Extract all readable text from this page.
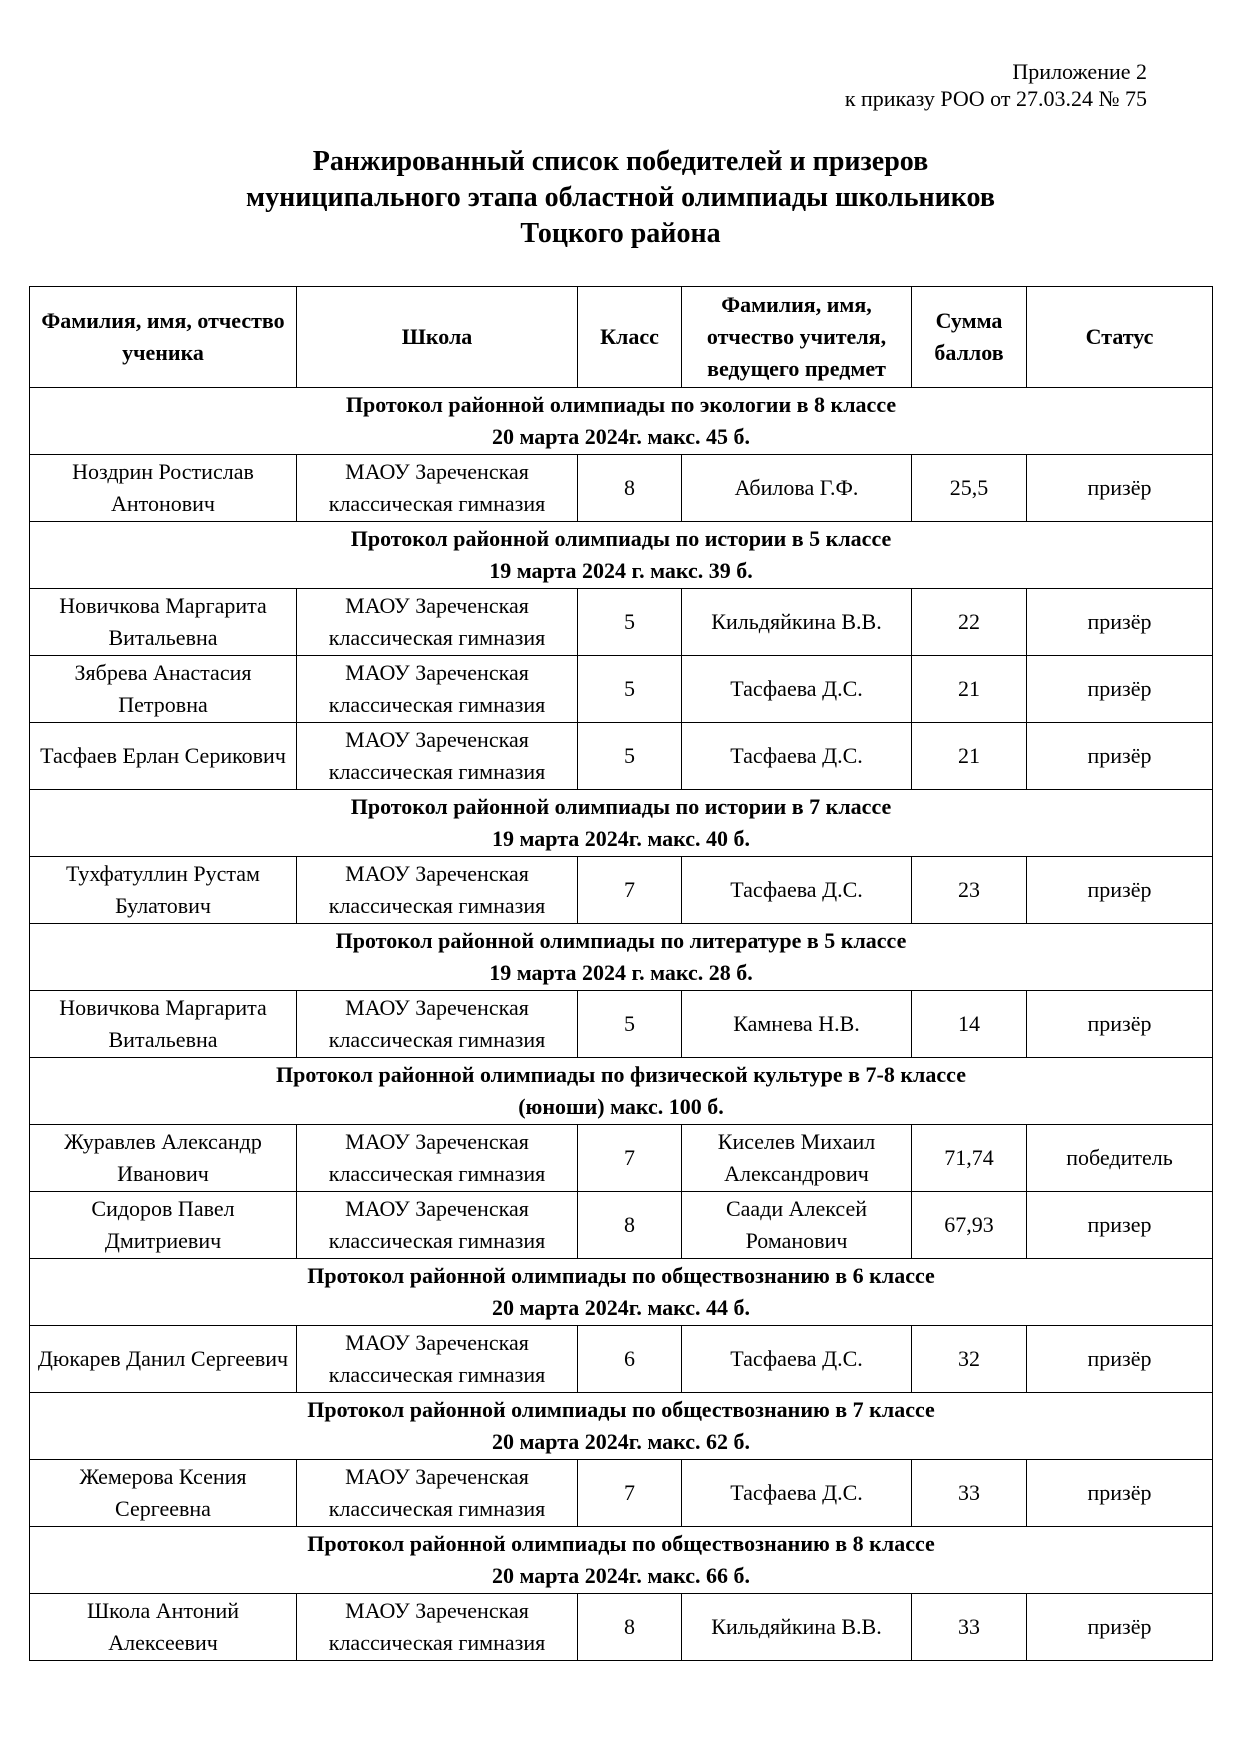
Приложение 2
к приказу РОО от 27.03.24 № 75
Ранжированный список победителей и призеров
муниципального этапа областной олимпиады школьников
Тоцкого района
Фамилия, имя, отчество ученика	Школа	Класс	Фамилия, имя, отчество учителя, ведущего предмет	Сумма баллов	Статус

Протокол районной олимпиады по экологии в 8 классе
20 марта 2024г. макс. 45 б.					

Ноздрин Ростислав Антонович	МАОУ Зареченская классическая гимназия	8	Абилова Г.Ф.	25,5	призёр

Протокол районной олимпиады по истории в 5 классе
19 марта 2024 г. макс. 39 б.					

Новичкова Маргарита Витальевна	МАОУ Зареченская классическая гимназия	5	Кильдяйкина В.В.	22	призёр
Зябрева Анастасия Петровна	МАОУ Зареченская классическая гимназия	5	Тасфаева Д.С.	21	призёр
Тасфаев Ерлан Серикович	МАОУ Зареченская классическая гимназия	5	Тасфаева Д.С.	21	призёр

Протокол районной олимпиады по истории в 7 классе
19 марта 2024г. макс. 40 б.					

Тухфатуллин Рустам Булатович	МАОУ Зареченская классическая гимназия	7	Тасфаева Д.С.	23	призёр

Протокол районной олимпиады по литературе в 5 классе
19 марта 2024 г. макс. 28 б.					

Новичкова Маргарита Витальевна	МАОУ Зареченская классическая гимназия	5	Камнева Н.В.	14	призёр

Протокол районной олимпиады по физической культуре в 7-8 классе
(юноши) макс. 100 б.					

Журавлев Александр Иванович	МАОУ Зареченская классическая гимназия	7	Киселев Михаил Александрович	71,74	победитель
Сидоров Павел Дмитриевич	МАОУ Зареченская классическая гимназия	8	Саади Алексей Романович	67,93	призер

Протокол районной олимпиады по обществознанию в 6 классе
20 марта 2024г. макс. 44 б.					

Дюкарев Данил Сергеевич	МАОУ Зареченская классическая гимназия	6	Тасфаева Д.С.	32	призёр

Протокол районной олимпиады по обществознанию в 7 классе
20 марта 2024г. макс. 62 б.					

Жемерова Ксения Сергеевна	МАОУ Зареченская классическая гимназия	7	Тасфаева Д.С.	33	призёр

Протокол районной олимпиады по обществознанию в 8 классе
20 марта 2024г. макс. 66 б.					

Школа Антоний Алексеевич	МАОУ Зареченская классическая гимназия	8	Кильдяйкина В.В.	33	призёр
